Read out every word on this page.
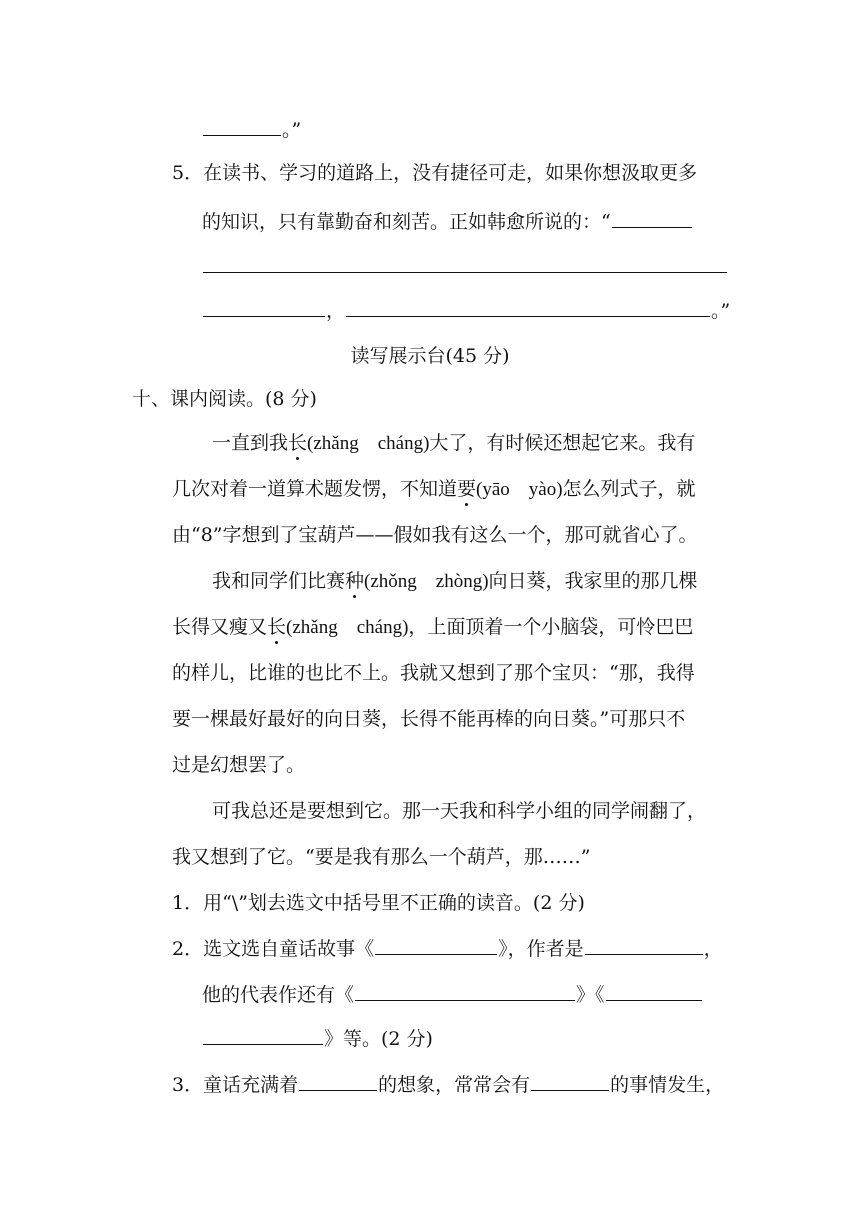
。”
5．在读书、学习的道路上，没有捷径可走，如果你想汲取更多
的知识，只有靠勤奋和刻苦。正如韩愈所说的：“
，	。”
读写展示台(45 分)
十、课内阅读。(8 分)
一直到我长(zhǎng　cháng)大了，有时候还想起它来。我有
几次对着一道算术题发愣，不知道要(yāo　yào)怎么列式子，就
由“8”字想到了宝葫芦——假如我有这么一个，那可就省心了。
我和同学们比赛种(zhǒng　zhòng)向日葵，我家里的那几棵
长得又瘦又长(zhǎng　cháng)，上面顶着一个小脑袋，可怜巴巴
的样儿，比谁的也比不上。我就又想到了那个宝贝：“那，我得
要一棵最好最好的向日葵，长得不能再棒的向日葵。”可那只不
过是幻想罢了。
可我总还是要想到它。那一天我和科学小组的同学闹翻了，
我又想到了它。“要是我有那么一个葫芦，那……”
1．用“\”划去选文中括号里不正确的读音。(2 分)
2．选文选自童话故事《	》，作者是	，
他的代表作还有《	》《
》等。(2 分)
3．童话充满着	的想象，常常会有	的事情发生，
